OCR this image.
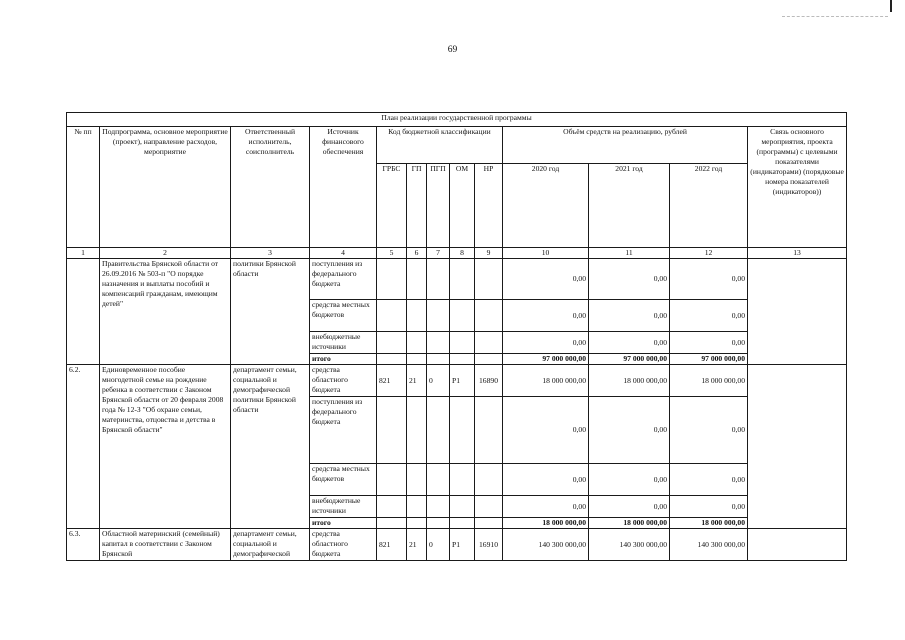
69
План реализации государственной программы												
№ пп	Подпрограмма, основное мероприятие (проект), направление расходов, мероприятие	Ответственный исполнитель, соисполнитель	Источник финансового обеспечения	Код бюджетной классификации					Объём средств на реализацию, рублей			Связь основного мероприятия, проекта (программы) с целевыми показателями (индикаторами) (порядковые номера показателей (индикаторов))
				ГРБС	ГП	ПГП	ОМ	НР	2020 год	2021 год	2022 год	
1	2	3	4	5	6	7	8	9	10	11	12	13
	Правительства Брянской области от 26.09.2016 № 503-п "О порядке назначения и выплаты пособий и компенсаций гражданам, имеющим детей"	политики Брянской области	поступления из федерального бюджета						0,00	0,00	0,00	
			средства местных бюджетов						0,00	0,00	0,00	
			внебюджетные источники						0,00	0,00	0,00	
			итого						97 000 000,00	97 000 000,00	97 000 000,00	
6.2.	Единовременное пособие многодетной семье на рождение ребенка в соответствии с Законом Брянской области от 20 февраля 2008 года № 12-З "Об охране семьи, материнства, отцовства и детства в Брянской области"	департамент семьи, социальной и демографической политики Брянской области	средства областного бюджета	821	21	0	P1	16890	18 000 000,00	18 000 000,00	18 000 000,00	
			поступления из федерального бюджета						0,00	0,00	0,00	
			средства местных бюджетов						0,00	0,00	0,00	
			внебюджетные источники						0,00	0,00	0,00	
			итого						18 000 000,00	18 000 000,00	18 000 000,00	
6.3.	Областной материнский (семейный) капитал в соответствии с Законом Брянской	департамент семьи, социальной и демографической	средства областного бюджета	821	21	0	P1	16910	140 300 000,00	140 300 000,00	140 300 000,00	
